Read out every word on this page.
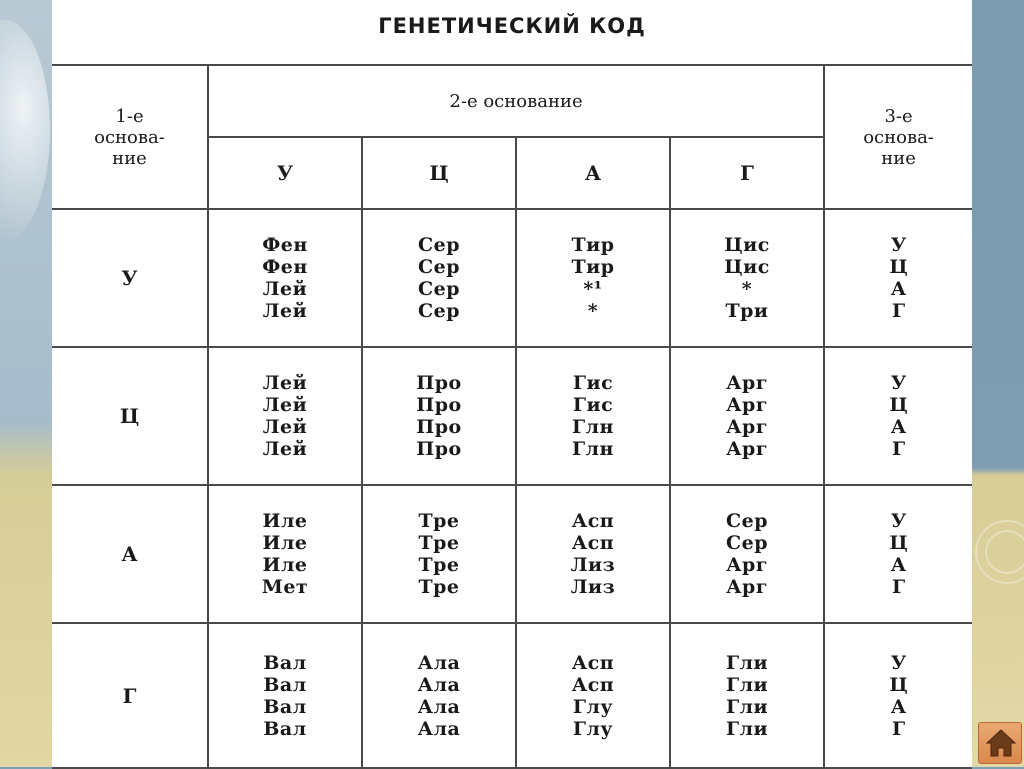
ГЕНЕТИЧЕСКИЙ КОД
1-е
основа-
ние	2-е основание				3-е
основа-
ние

	У	Ц	А	Г	
У	Фен
Фен
Лей
Лей	Сер
Сер
Сер
Сер	Тир
Тир
*¹
*	Цис
Цис
*
Три	У
Ц
А
Г

Ц	Лей
Лей
Лей
Лей	Про
Про
Про
Про	Гис
Гис
Глн
Глн	Арг
Арг
Арг
Арг	У
Ц
А
Г

А	Иле
Иле
Иле
Мет	Тре
Тре
Тре
Тре	Асп
Асп
Лиз
Лиз	Сер
Сер
Арг
Арг	У
Ц
А
Г

Г	Вал
Вал
Вал
Вал	Ала
Ала
Ала
Ала	Асп
Асп
Глу
Глу	Гли
Гли
Гли
Гли	У
Ц
А
Г
